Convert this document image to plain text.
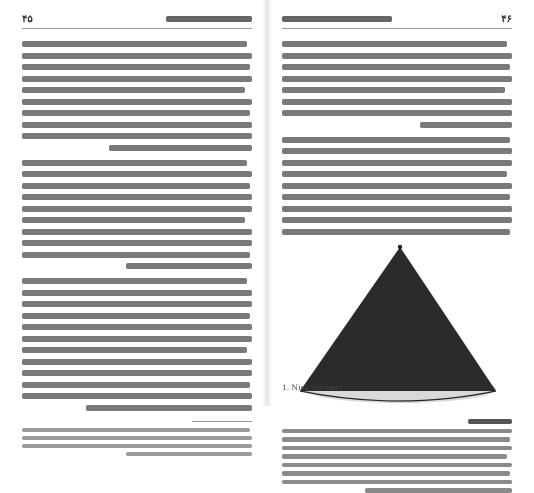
۴۵	۴۶
1. Nick Herbert
